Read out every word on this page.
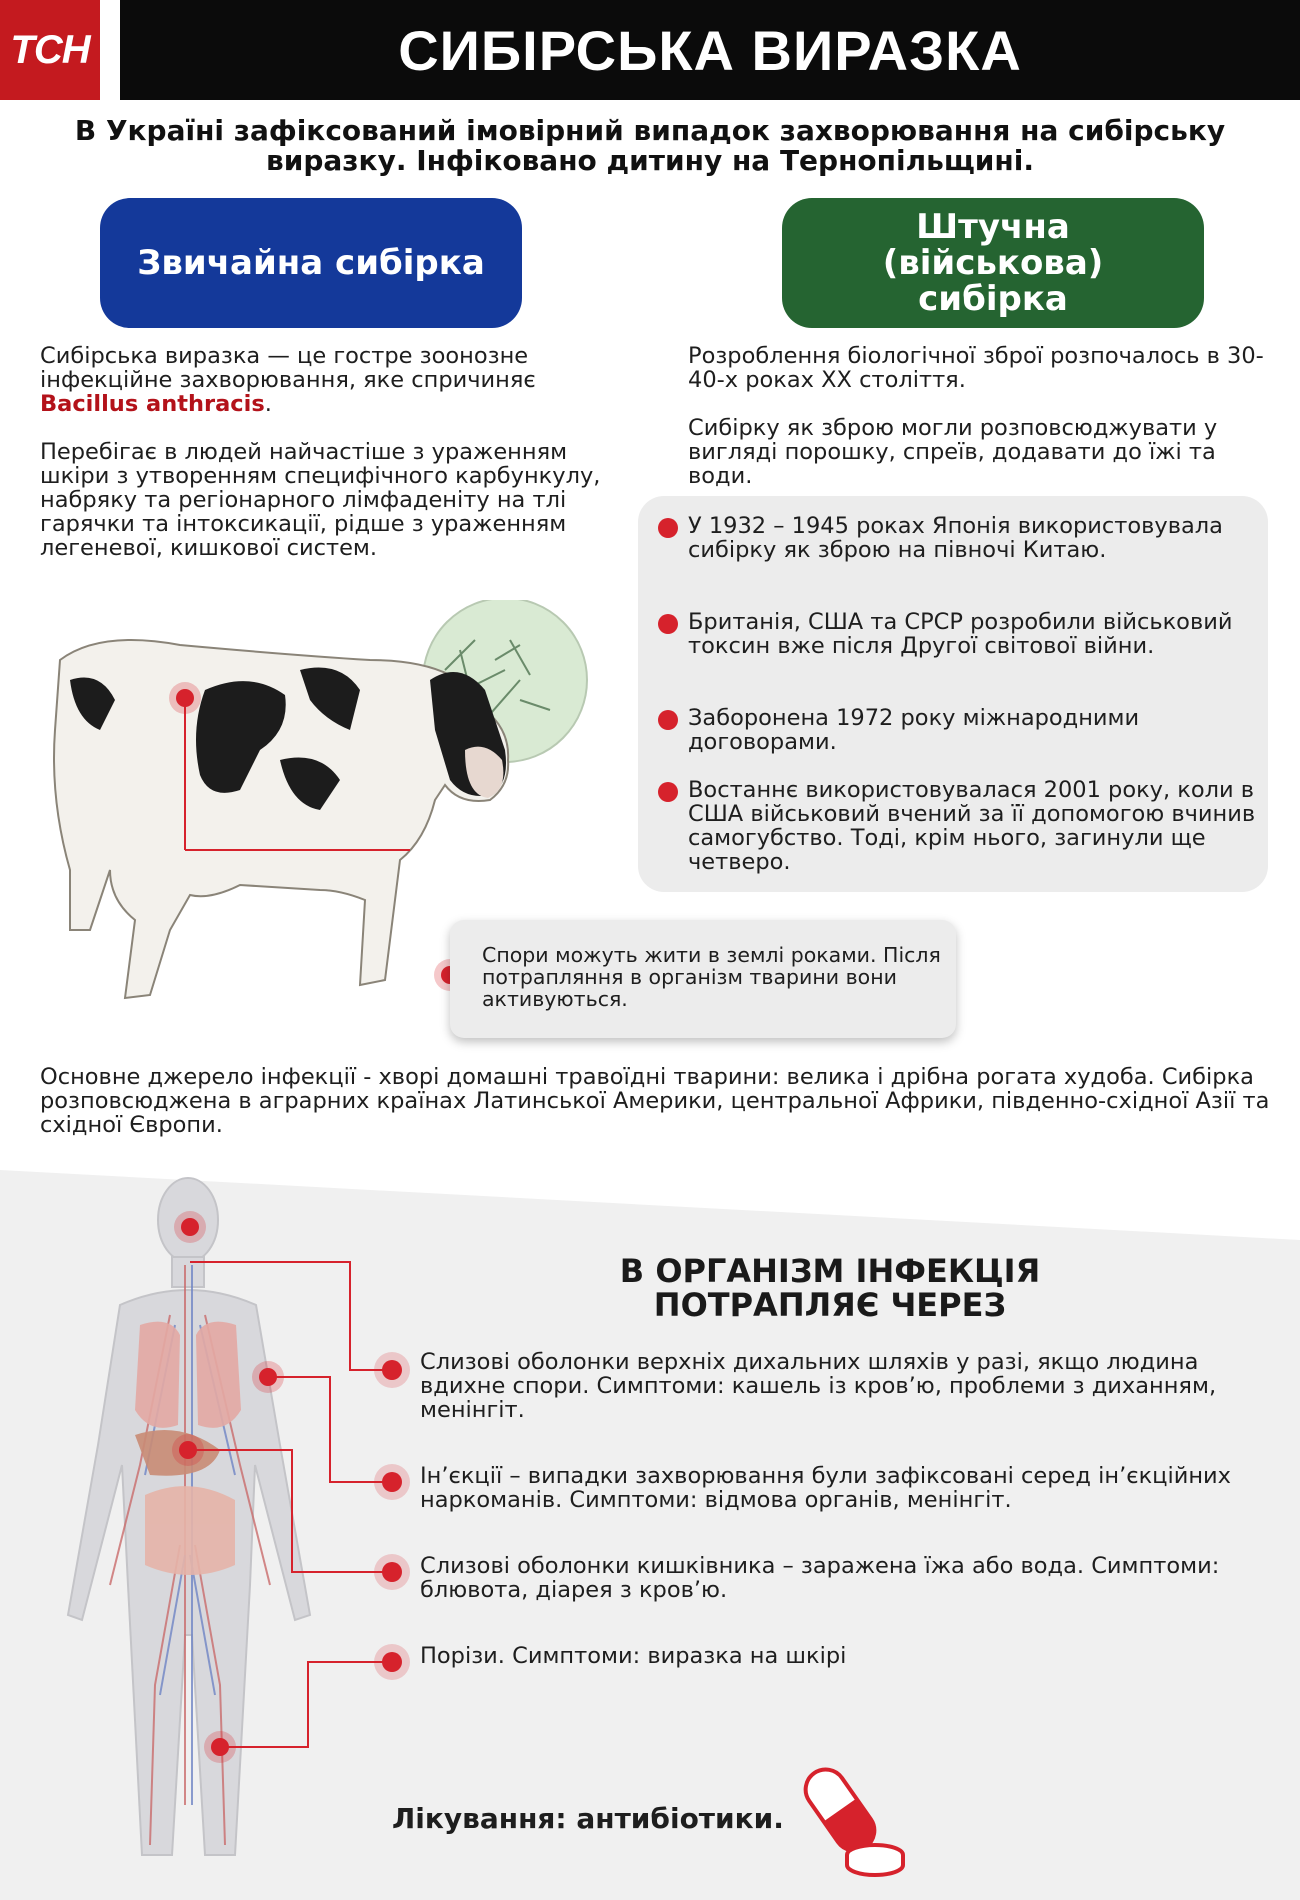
ТСН	СИБІРСЬКА ВИРАЗКА
В Україні зафіксований імовірний випадок захворювання на сибірську виразку. Інфіковано дитину на Тернопільщині.
Звичайна сибірка
Штучна (військова) сибірка
Сибірська виразка — це гостре зоонозне інфекційне захворювання, яке спричиняє Bacillus anthracis.
Перебігає в людей найчастіше з ураженням шкіри з утворенням специфічного карбункулу, набряку та регіонарного лімфаденіту на тлі гарячки та інтоксикації, рідше з ураженням легеневої, кишкової систем.
Розроблення біологічної зброї розпочалось в 30-40-х роках XX століття.
Сибірку як зброю могли розповсюджувати у вигляді порошку, спреїв, додавати до їжі та води.
У 1932 – 1945 роках Японія використовувала сибірку як зброю на півночі Китаю.
Британія, США та СРСР розробили військовий токсин вже після Другої світової війни.
Заборонена 1972 року міжнародними договорами.
Востаннє використовувалася 2001 року, коли в США військовий вчений за її допомогою вчинив самогубство. Тоді, крім нього, загинули ще четверо.
Спори можуть жити в землі роками. Після потрапляння в організм тварини вони активуються.
Основне джерело інфекції - хворі домашні травоїдні тварини: велика і дрібна рогата худоба. Сибірка розповсюджена в аграрних країнах Латинської Америки, центральної Африки, південно-східної Азії та східної Європи.
В ОРГАНІЗМ ІНФЕКЦІЯ ПОТРАПЛЯЄ ЧЕРЕЗ
Слизові оболонки верхніх дихальних шляхів у разі, якщо людина вдихне спори. Симптоми: кашель із кров’ю, проблеми з диханням, менінгіт.
Ін’єкції – випадки захворювання були зафіксовані серед ін’єкційних наркоманів. Симптоми: відмова органів, менінгіт.
Слизові оболонки кишківника – заражена їжа або вода. Симптоми: блювота, діарея з кров’ю.
Порізи. Симптоми: виразка на шкірі
Лікування: антибіотики.
